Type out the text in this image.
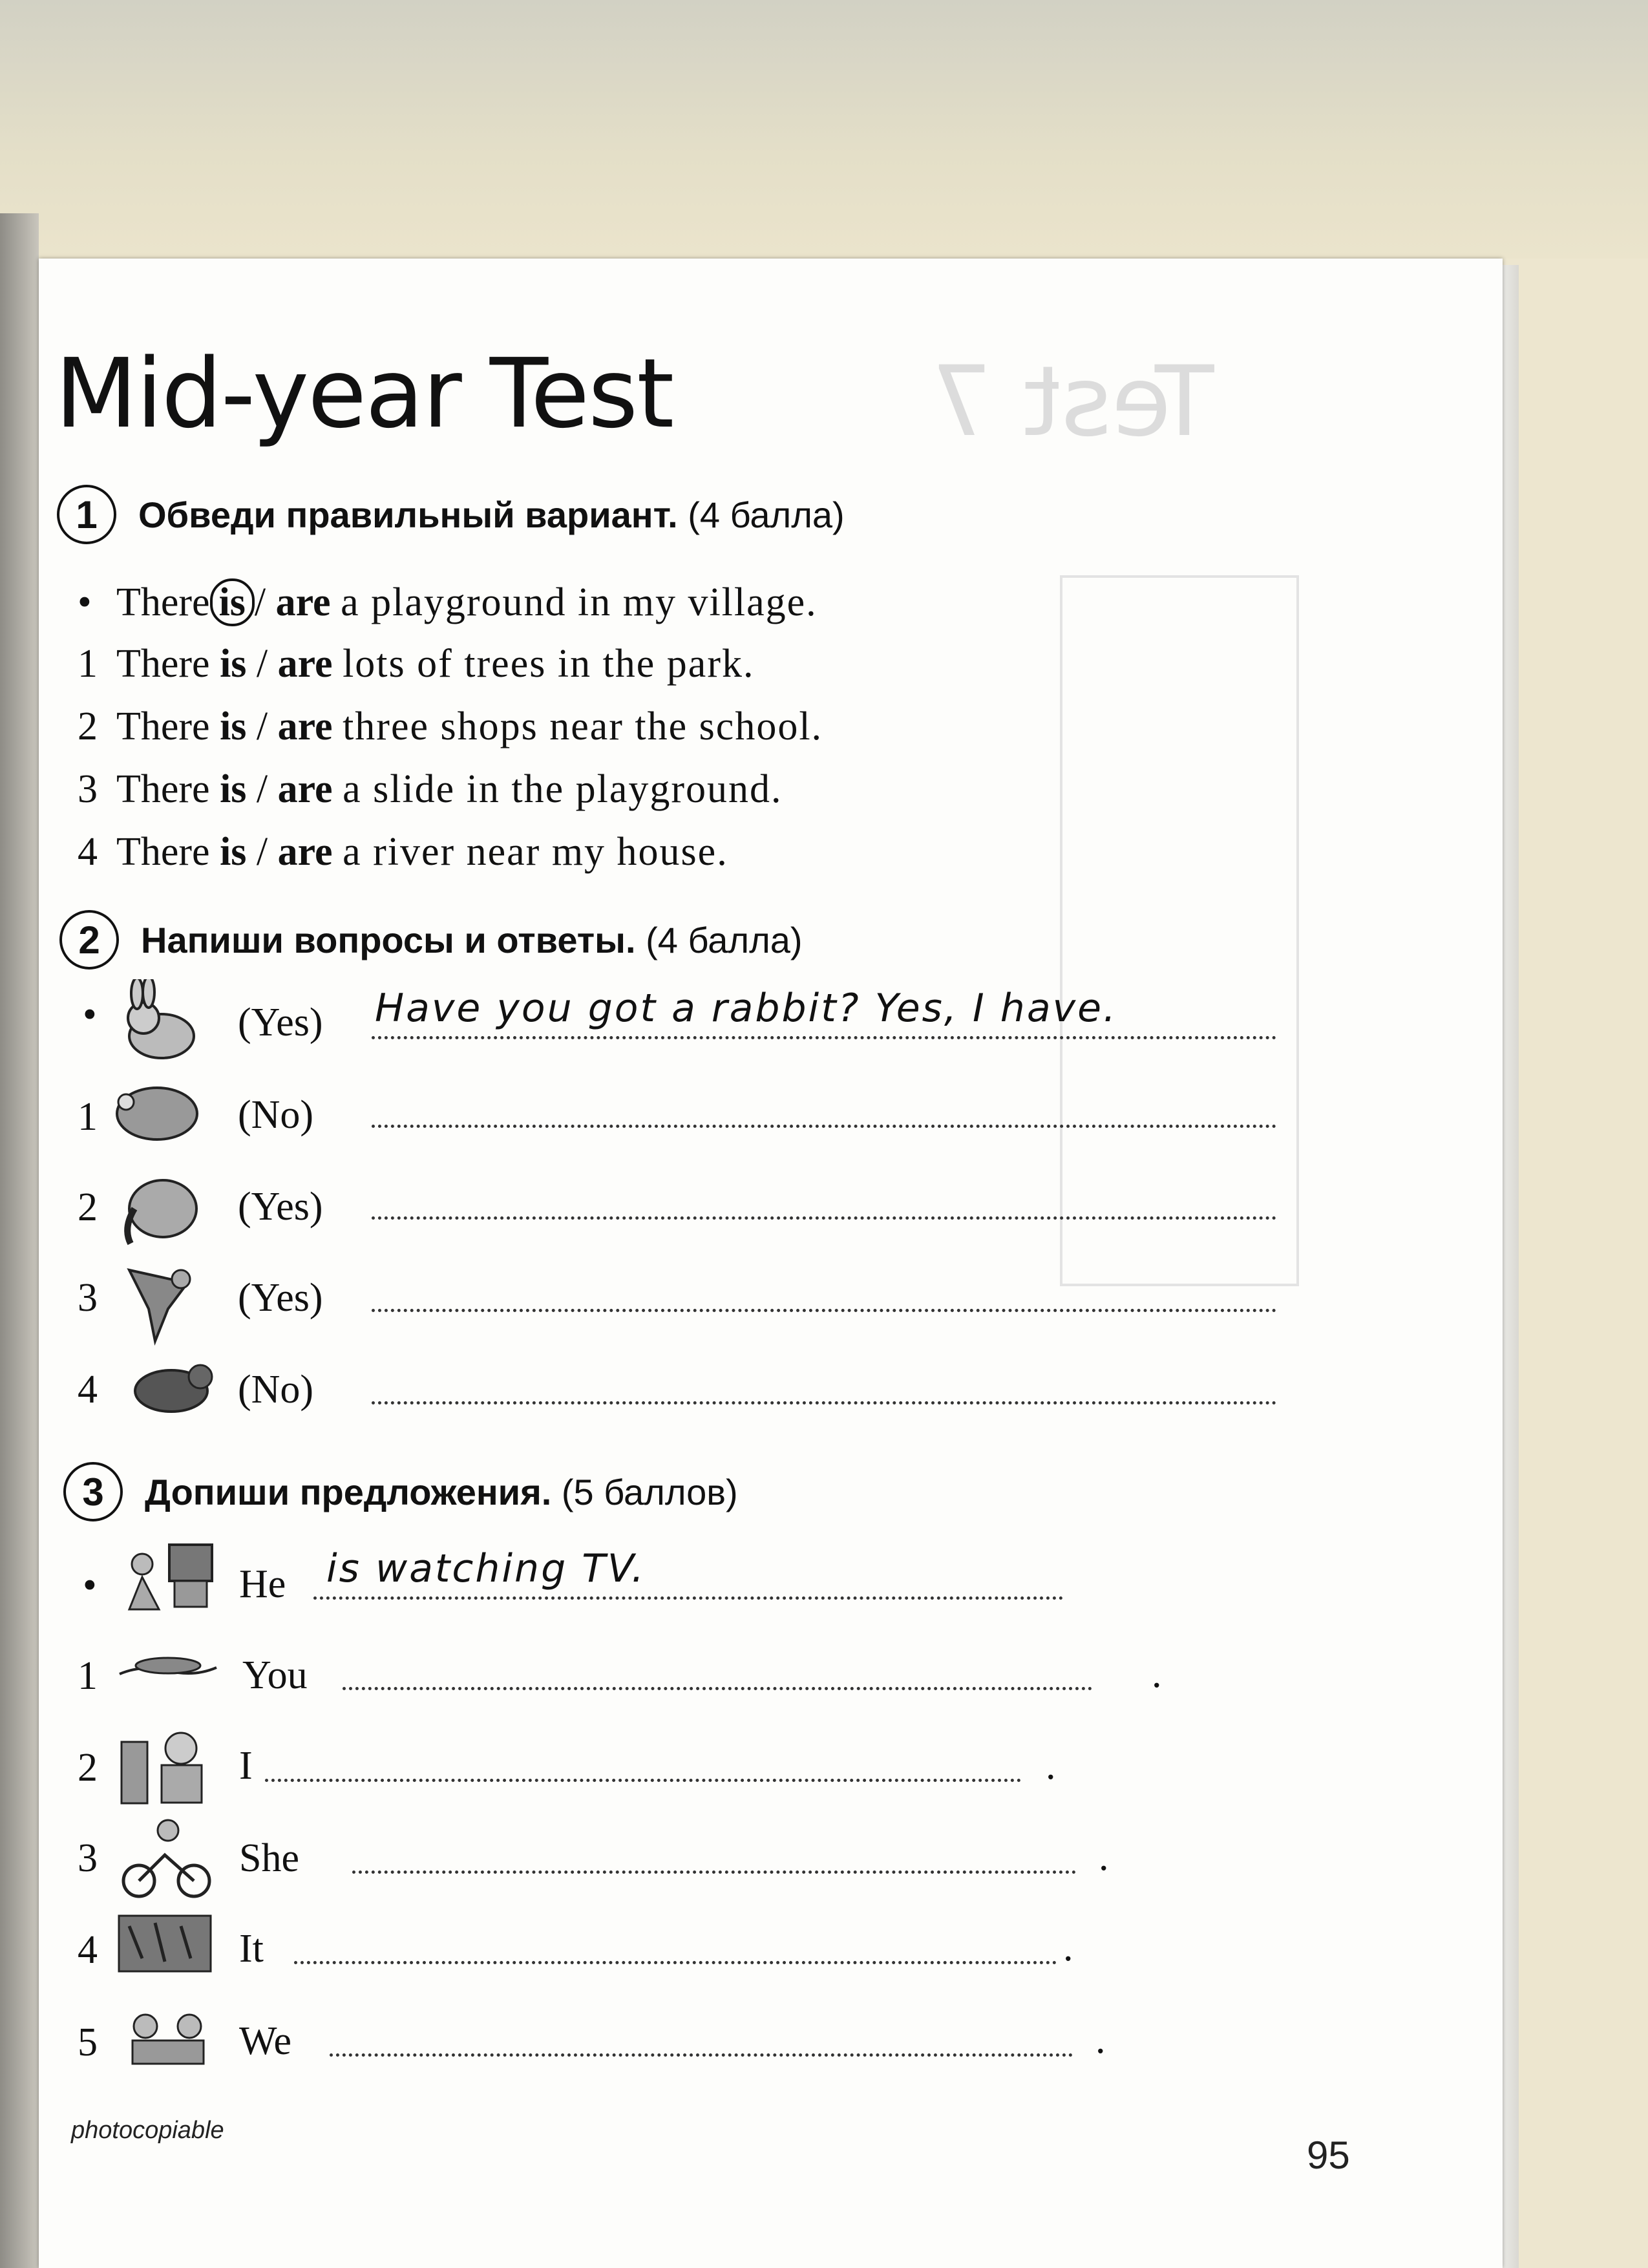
Test 7
Mid-year Test
1	Обведи правильный вариант. (4 балла)
• There is / are a playground in my village.
1 There is / are lots of trees in the park.
2 There is / are three shops near the school.
3 There is / are a slide in the playground.
4 There is / are a river near my house.
2	Напиши вопросы и ответы. (4 балла)
•	(Yes) Have you got a rabbit? Yes, I have.
1	(No)
2	(Yes)
3	(Yes)
4	(No)
3	Допиши предложения. (5 баллов)
•	He is watching TV.
1	You	.
2	I	.
3	She	.
4	It	.
5	We	.
photocopiable
95
